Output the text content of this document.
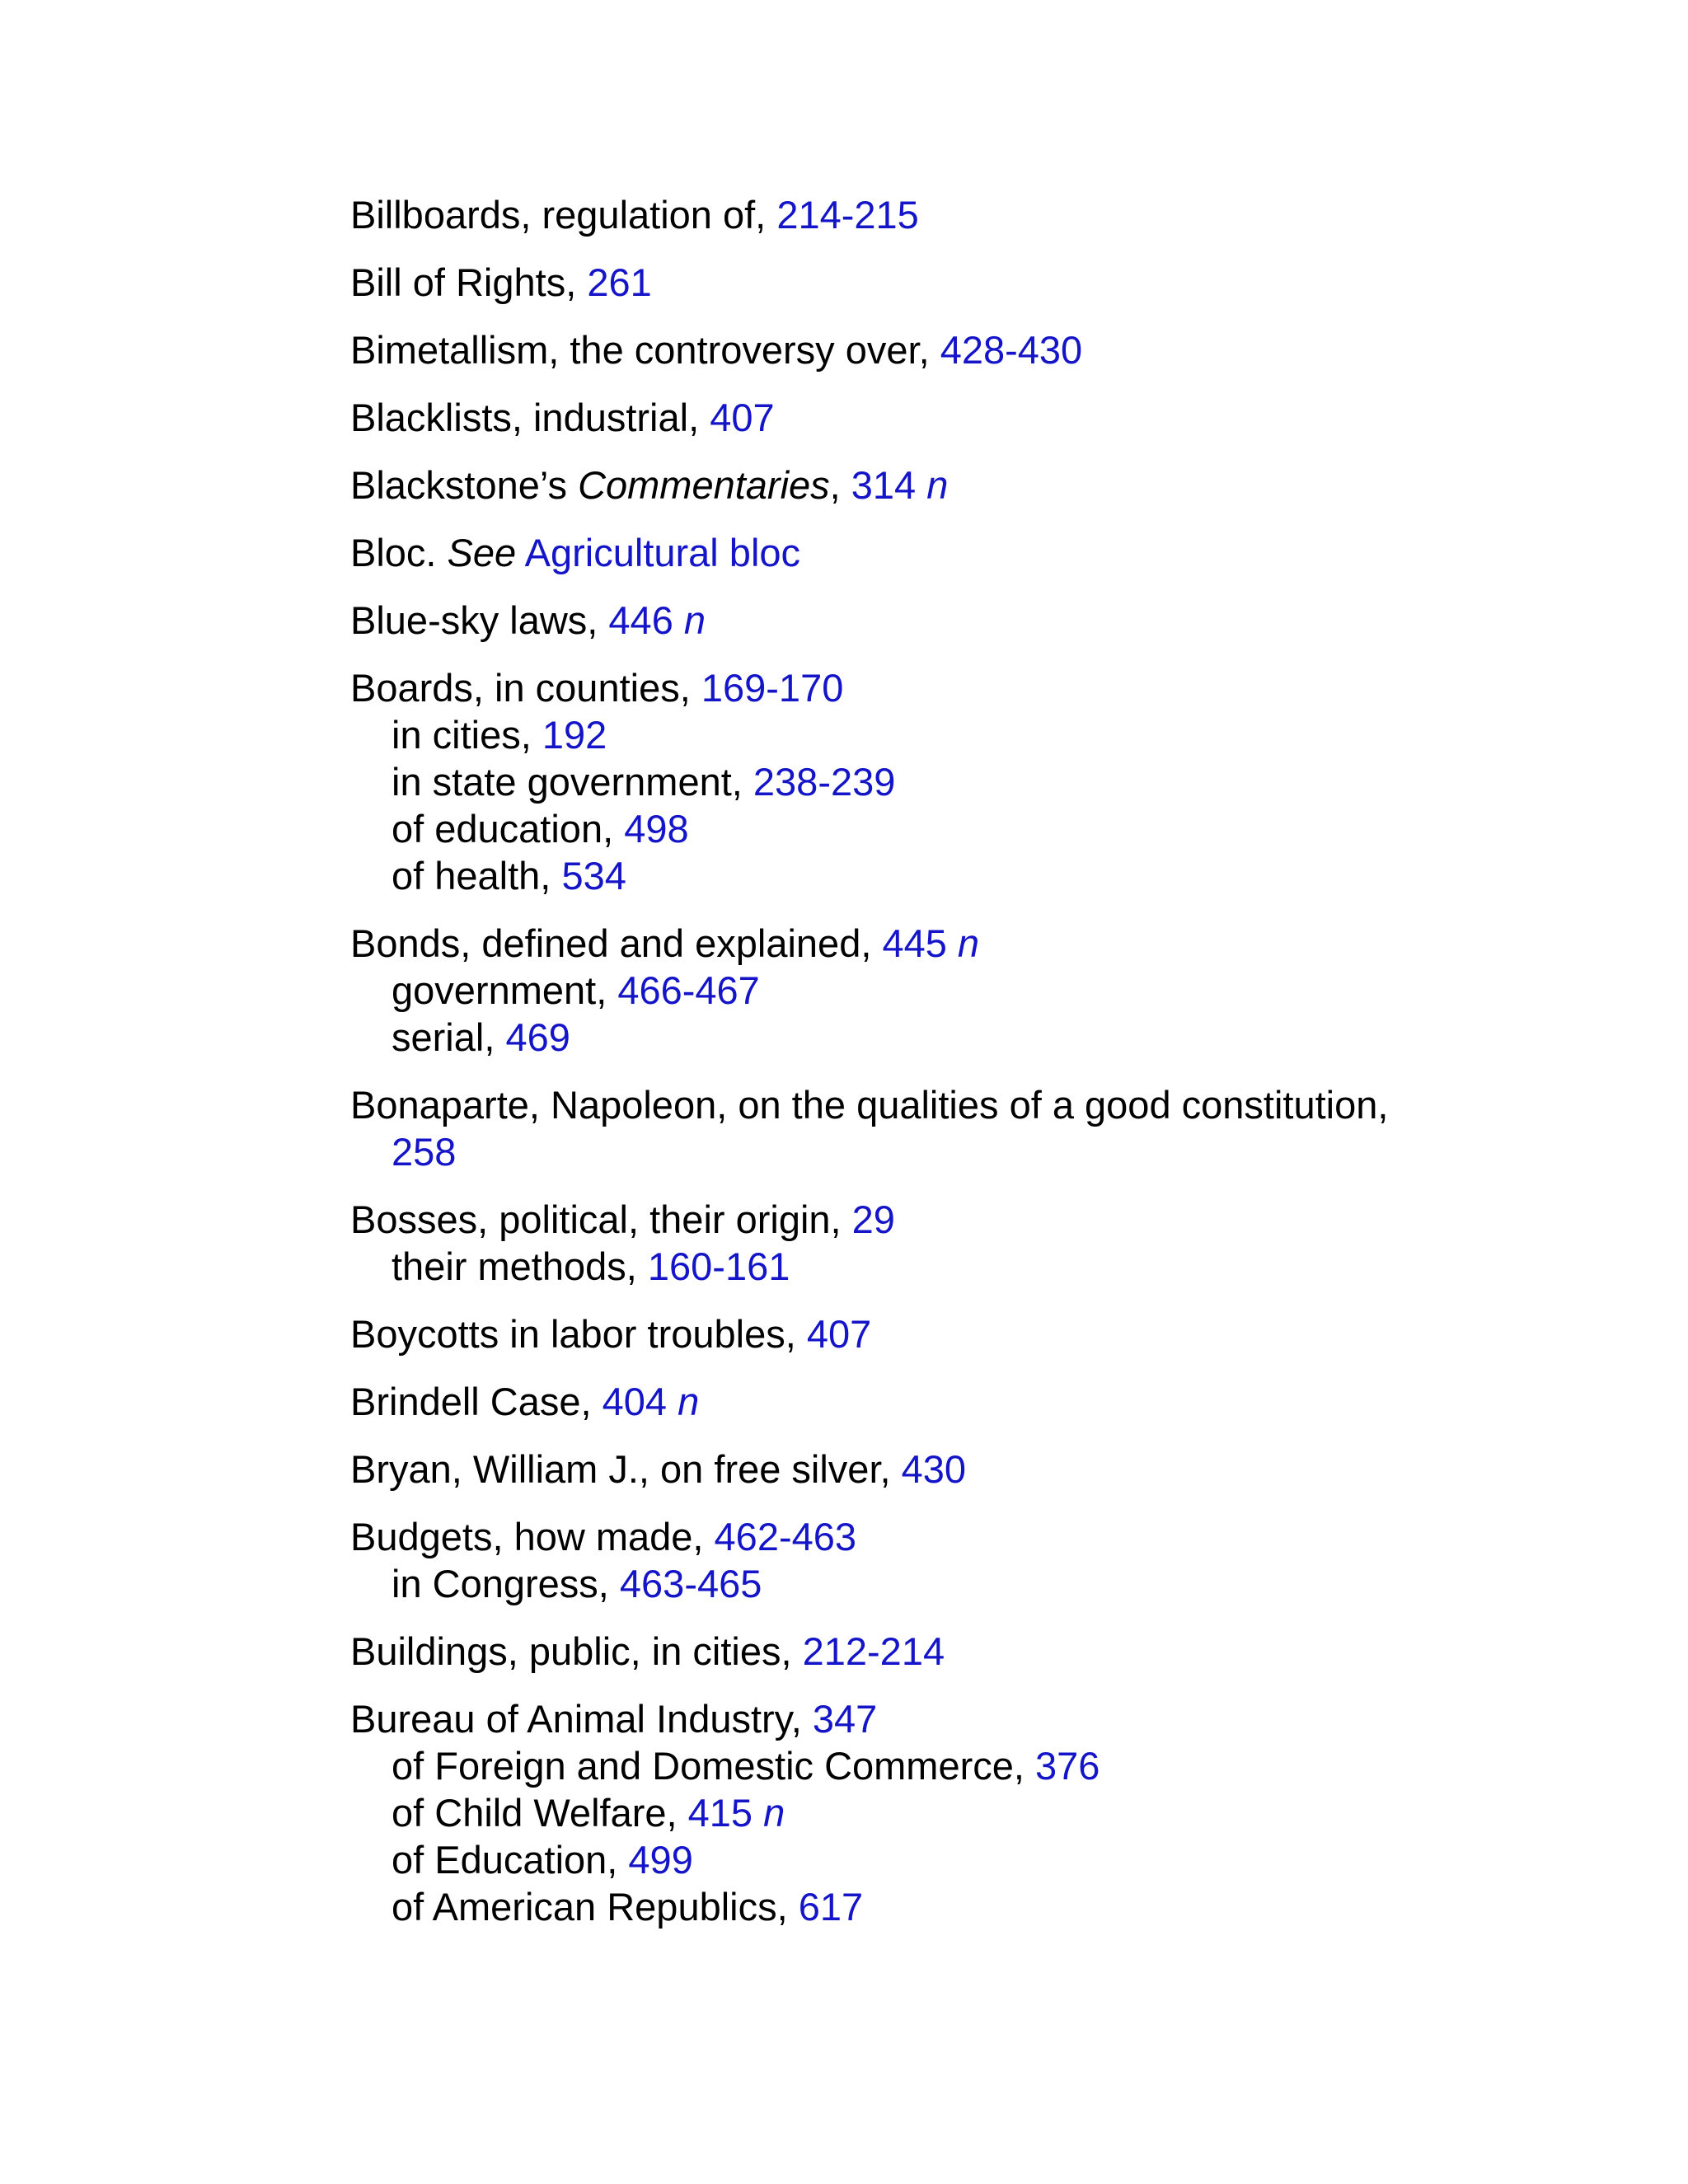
Billboards, regulation of, 214-215
Bill of Rights, 261
Bimetallism, the controversy over, 428-430
Blacklists, industrial, 407
Blackstone’s Commentaries, 314 n
Bloc. See Agricultural bloc
Blue-sky laws, 446 n
Boards, in counties, 169-170
in cities, 192
in state government, 238-239
of education, 498
of health, 534
Bonds, defined and explained, 445 n
government, 466-467
serial, 469
Bonaparte, Napoleon, on the qualities of a good constitution,
258
Bosses, political, their origin, 29
their methods, 160-161
Boycotts in labor troubles, 407
Brindell Case, 404 n
Bryan, William J., on free silver, 430
Budgets, how made, 462-463
in Congress, 463-465
Buildings, public, in cities, 212-214
Bureau of Animal Industry, 347
of Foreign and Domestic Commerce, 376
of Child Welfare, 415 n
of Education, 499
of American Republics, 617
